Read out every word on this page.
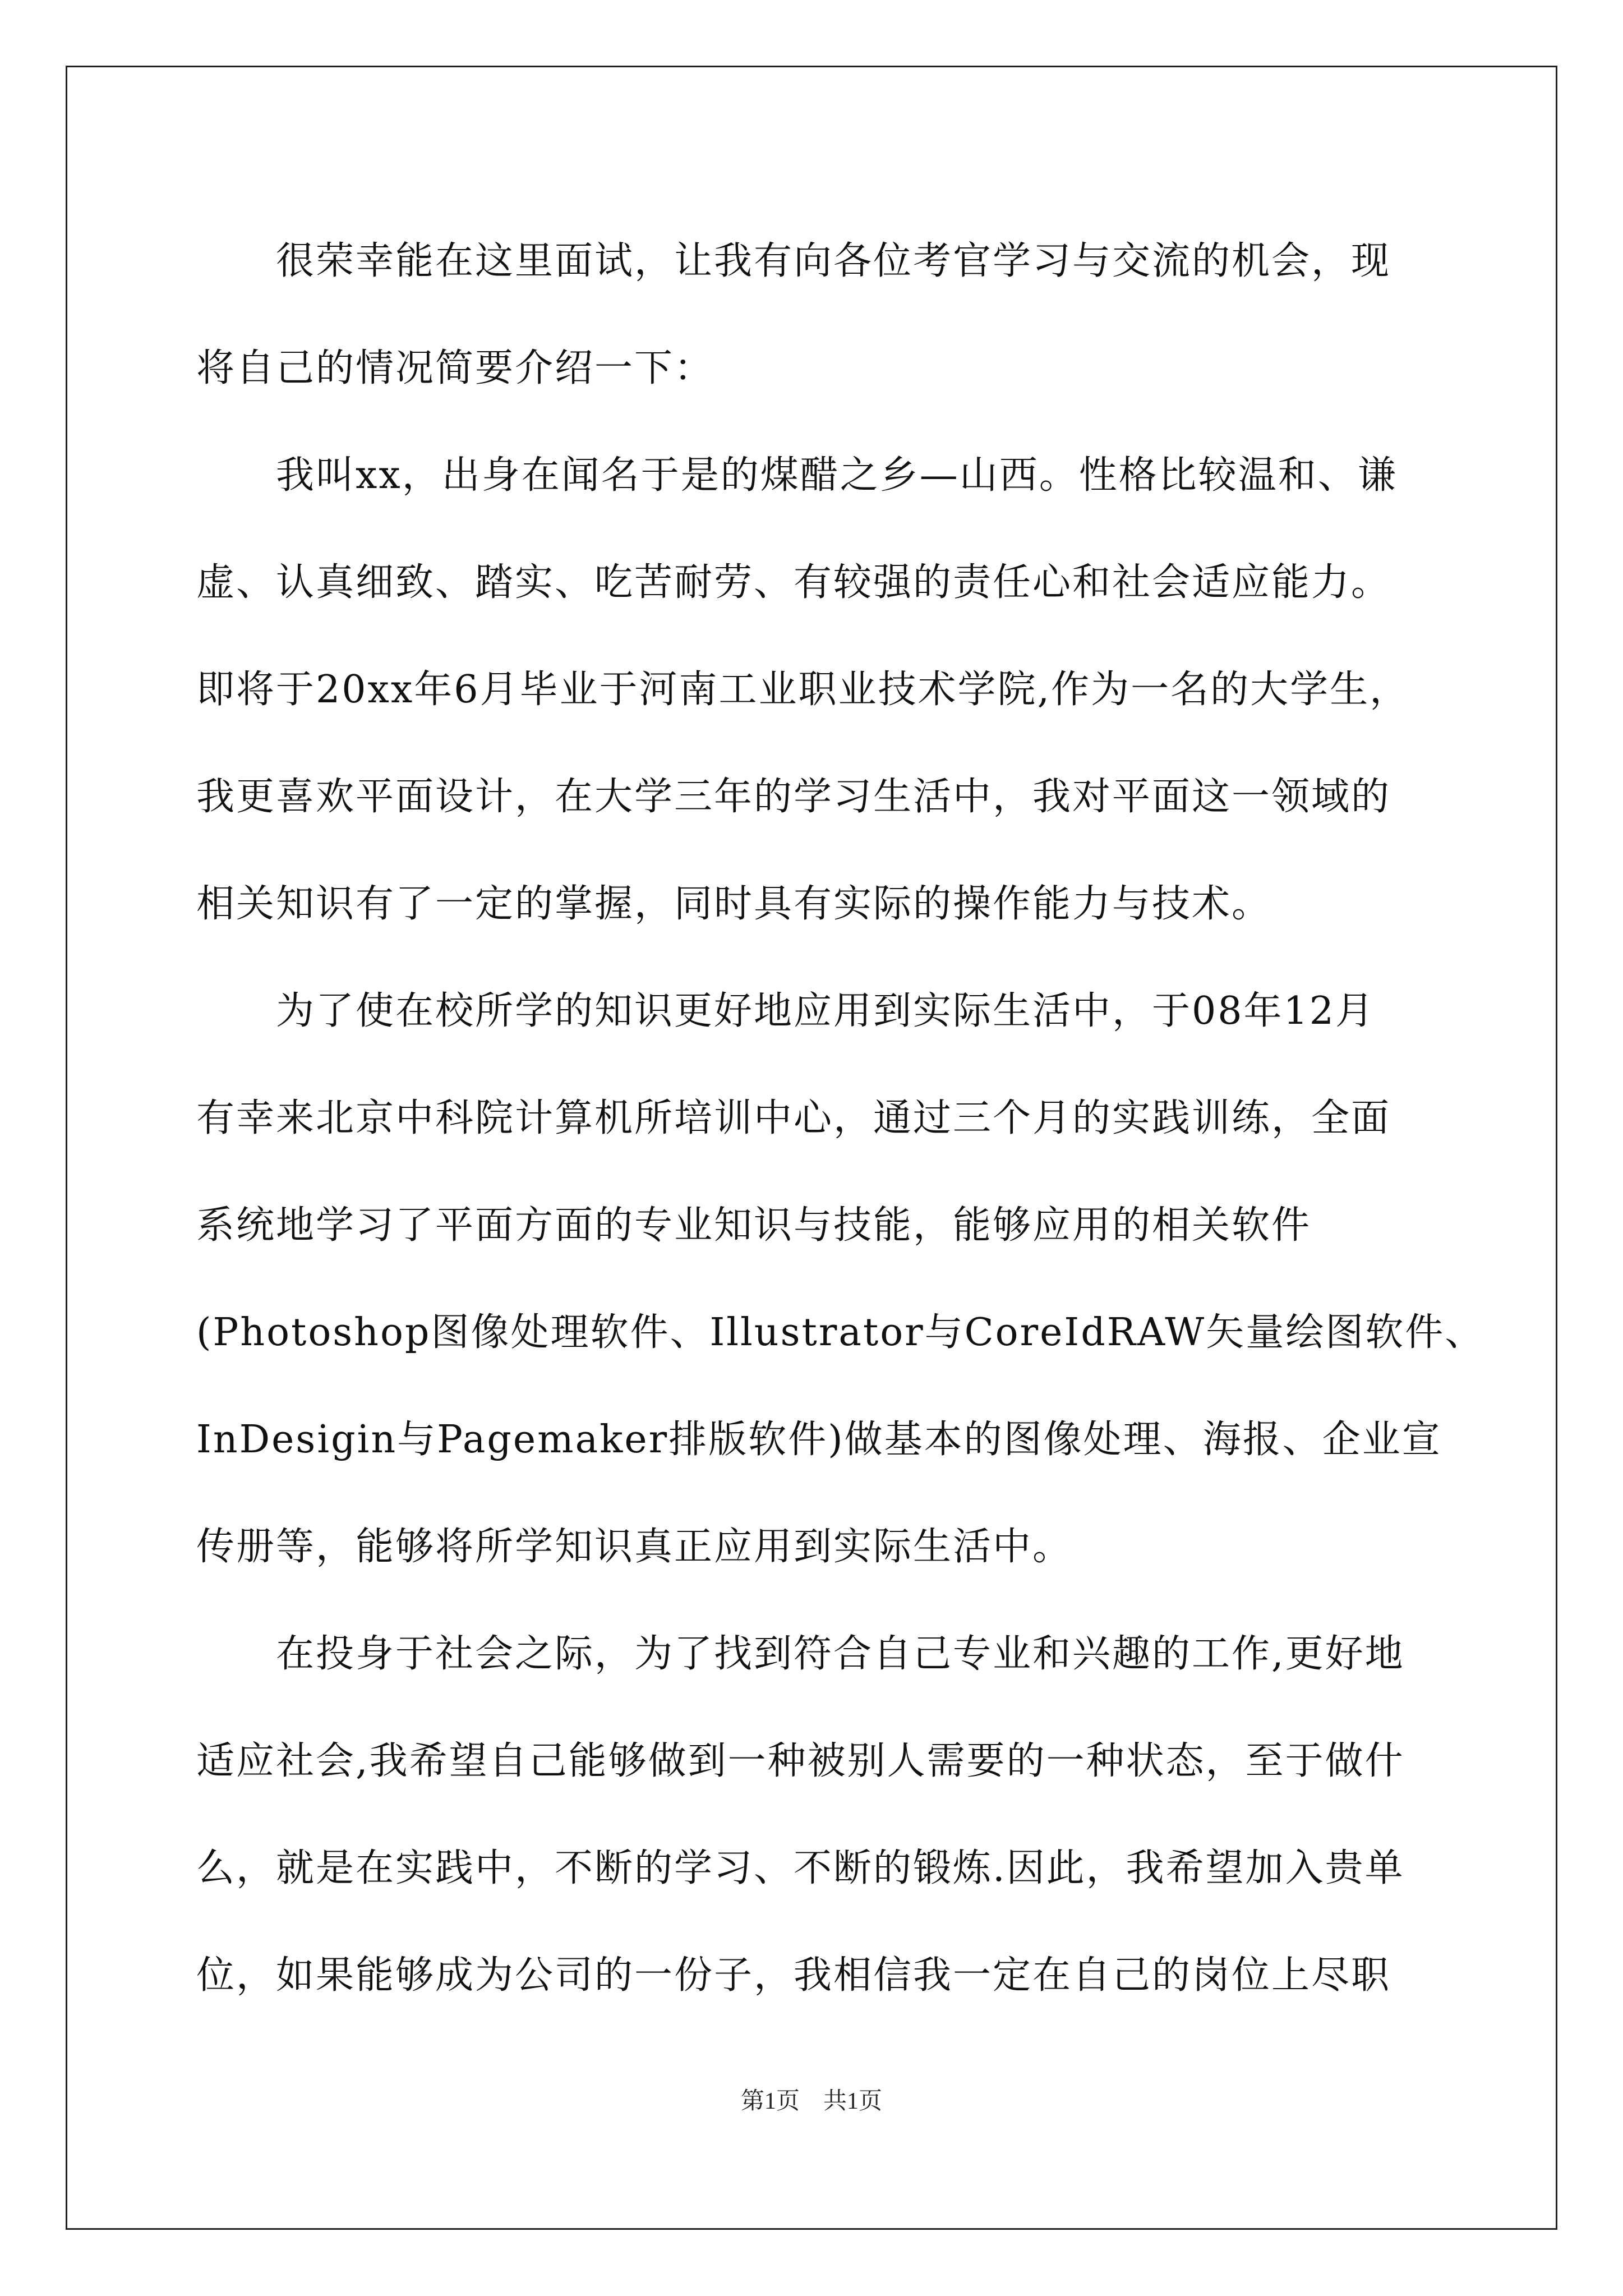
　　很荣幸能在这里面试，让我有向各位考官学习与交流的机会，现
将自己的情况简要介绍一下：
　　我叫xx，出身在闻名于是的煤醋之乡—山西。性格比较温和、谦
虚、认真细致、踏实、吃苦耐劳、有较强的责任心和社会适应能力。
即将于20xx年6月毕业于河南工业职业技术学院,作为一名的大学生，
我更喜欢平面设计，在大学三年的学习生活中，我对平面这一领域的
相关知识有了一定的掌握，同时具有实际的操作能力与技术。
　　为了使在校所学的知识更好地应用到实际生活中，于08年12月
有幸来北京中科院计算机所培训中心，通过三个月的实践训练，全面
系统地学习了平面方面的专业知识与技能，能够应用的相关软件
(Photoshop图像处理软件、Illustrator与CoreIdRAW矢量绘图软件、
InDesigin与Pagemaker排版软件)做基本的图像处理、海报、企业宣
传册等，能够将所学知识真正应用到实际生活中。
　　在投身于社会之际，为了找到符合自己专业和兴趣的工作,更好地
适应社会,我希望自己能够做到一种被别人需要的一种状态，至于做什
么，就是在实践中，不断的学习、不断的锻炼.因此，我希望加入贵单
位，如果能够成为公司的一份子，我相信我一定在自己的岗位上尽职
第1页　共1页
